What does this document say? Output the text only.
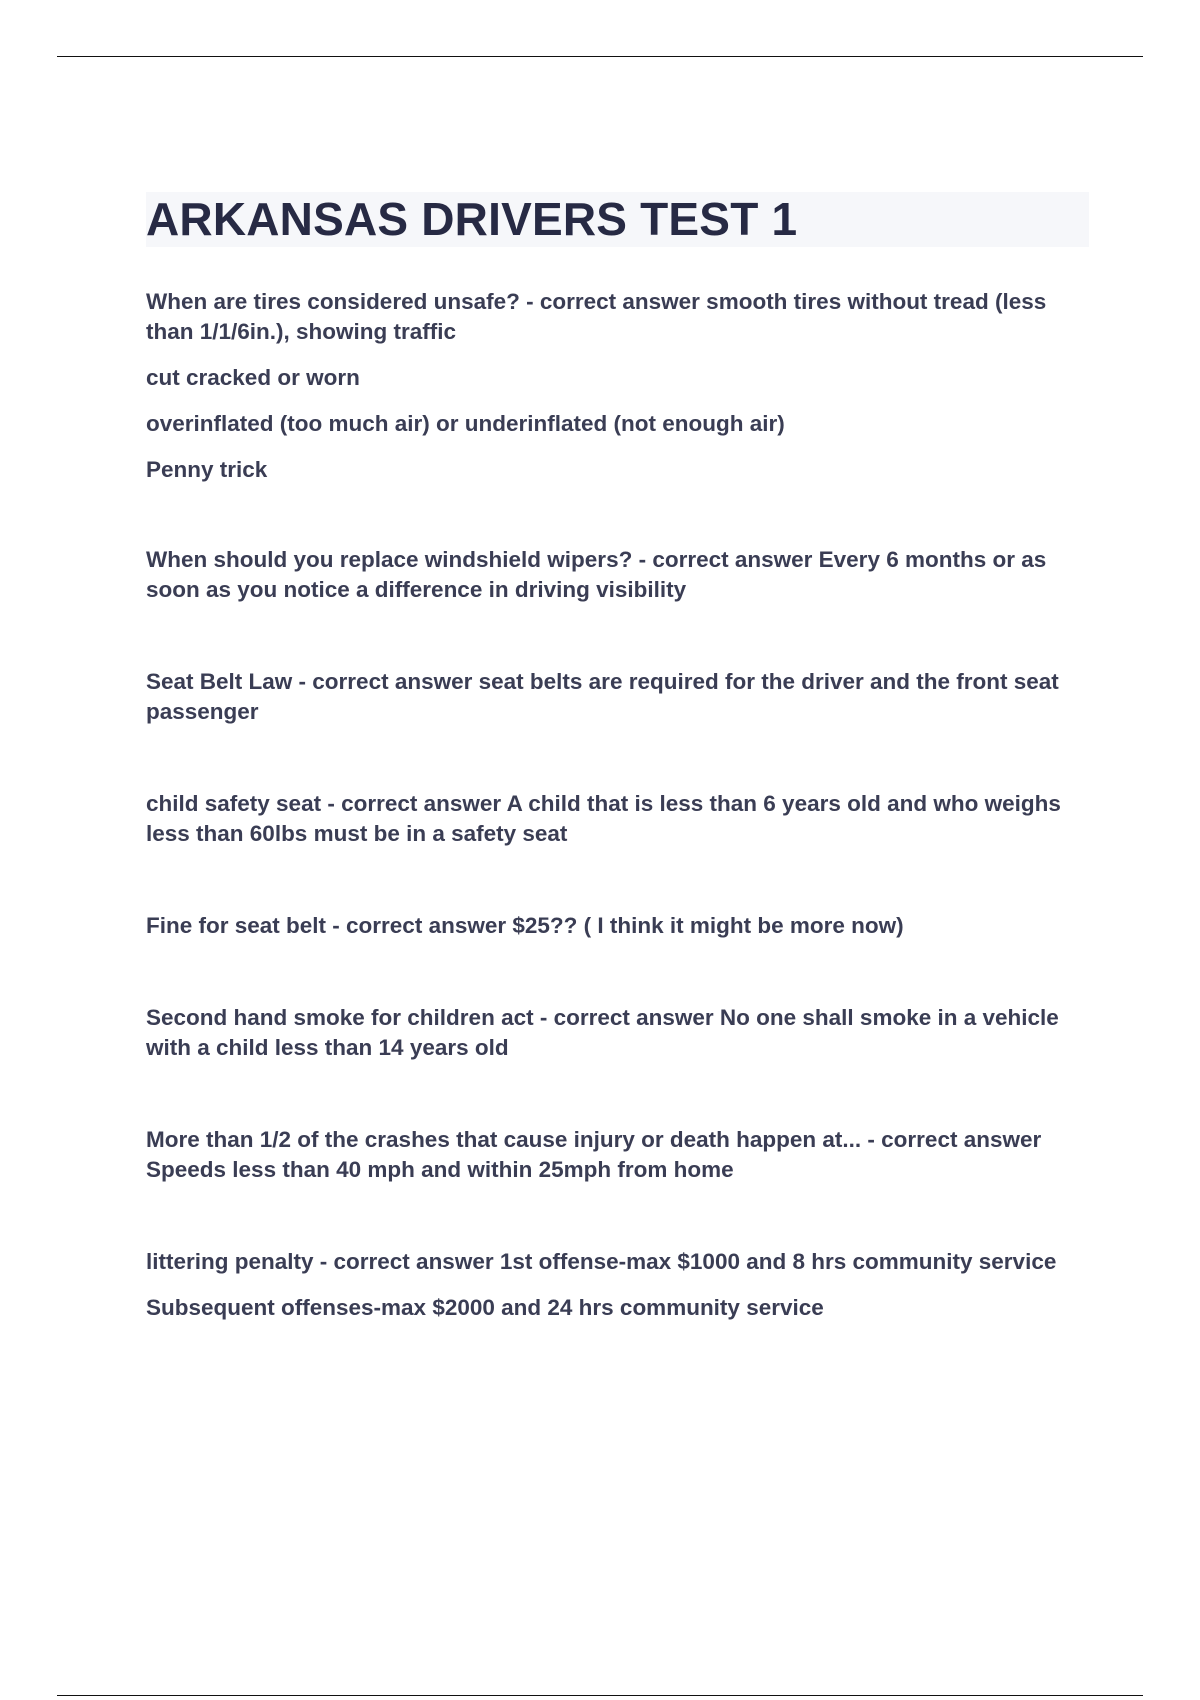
ARKANSAS DRIVERS TEST 1

When are tires considered unsafe? - correct answer smooth tires without tread (less than 1/1/6in.), showing traffic

cut cracked or worn

overinflated (too much air) or underinflated (not enough air)

Penny trick

When should you replace windshield wipers? - correct answer Every 6 months or as soon as you notice a difference in driving visibility

Seat Belt Law - correct answer seat belts are required for the driver and the front seat passenger

child safety seat - correct answer A child that is less than 6 years old and who weighs less than 60lbs must be in a safety seat

Fine for seat belt - correct answer $25?? ( I think it might be more now)

Second hand smoke for children act - correct answer No one shall smoke in a vehicle with a child less than 14 years old

More than 1/2 of the crashes that cause injury or death happen at... - correct answer Speeds less than 40 mph and within 25mph from home

littering penalty - correct answer 1st offense-max $1000 and 8 hrs community service

Subsequent offenses-max $2000 and 24 hrs community service
